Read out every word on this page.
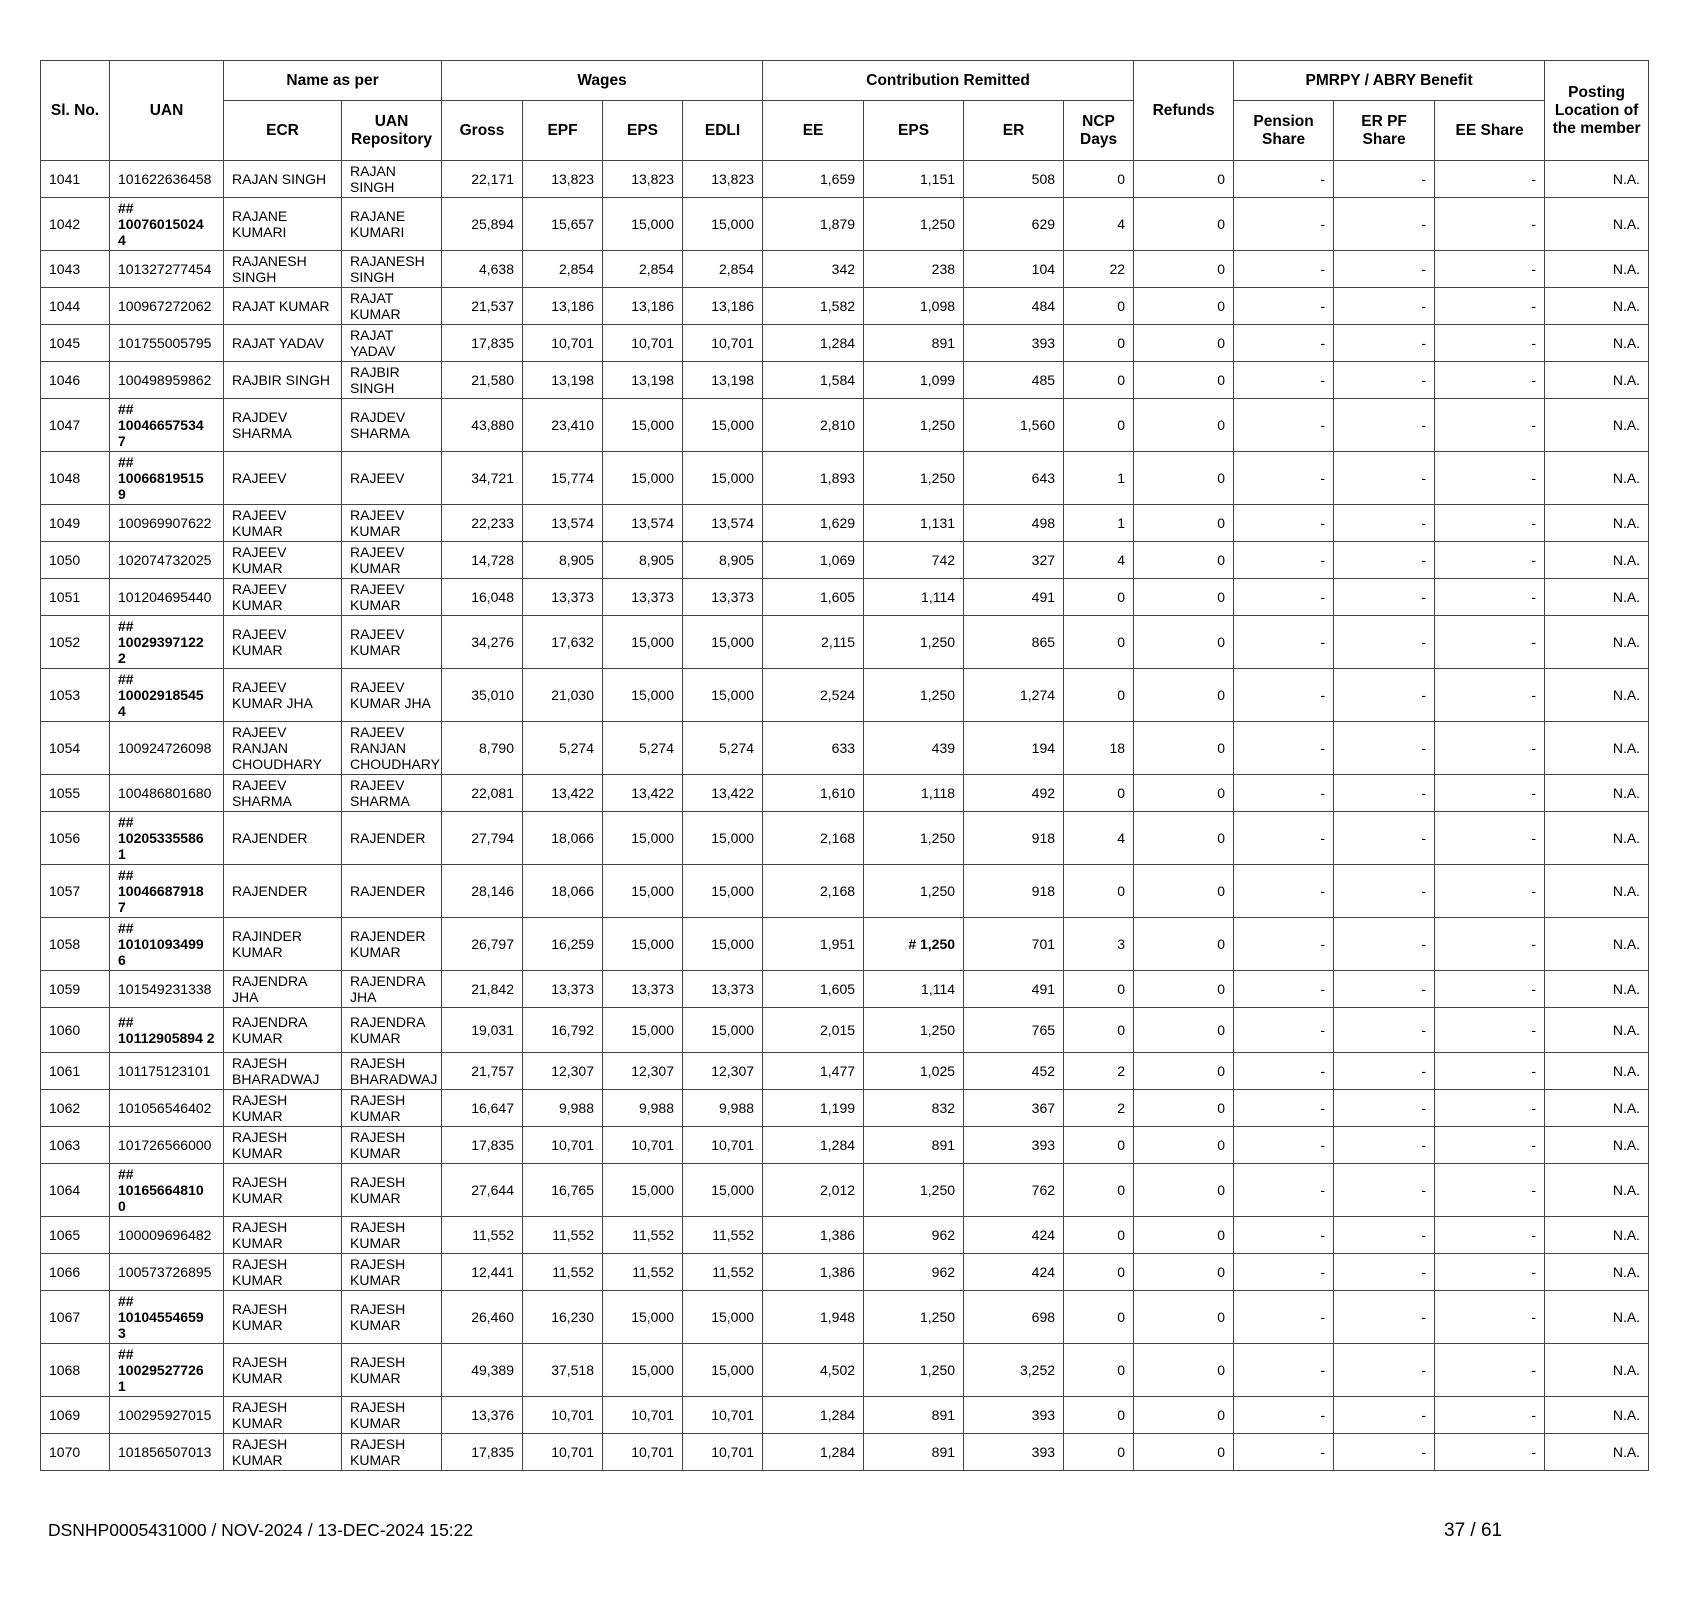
Sl. No.	UAN	Name as per		Wages				Contribution Remitted				Refunds	PMRPY / ABRY Benefit			Posting Location of the member
		ECR	UAN Repository	Gross	EPF	EPS	EDLI	EE	EPS	ER	NCP Days		Pension Share	ER PF Share	EE Share	
1041	101622636458	RAJAN SINGH	RAJAN SINGH	22,171	13,823	13,823	13,823	1,659	1,151	508	0	0	-	-	-	N.A.
1042	## 10076015024 4	RAJANE KUMARI	RAJANE KUMARI	25,894	15,657	15,000	15,000	1,879	1,250	629	4	0	-	-	-	N.A.
1043	101327277454	RAJANESH SINGH	RAJANESH SINGH	4,638	2,854	2,854	2,854	342	238	104	22	0	-	-	-	N.A.
1044	100967272062	RAJAT KUMAR	RAJAT KUMAR	21,537	13,186	13,186	13,186	1,582	1,098	484	0	0	-	-	-	N.A.
1045	101755005795	RAJAT YADAV	RAJAT YADAV	17,835	10,701	10,701	10,701	1,284	891	393	0	0	-	-	-	N.A.
1046	100498959862	RAJBIR SINGH	RAJBIR SINGH	21,580	13,198	13,198	13,198	1,584	1,099	485	0	0	-	-	-	N.A.
1047	## 10046657534 7	RAJDEV SHARMA	RAJDEV SHARMA	43,880	23,410	15,000	15,000	2,810	1,250	1,560	0	0	-	-	-	N.A.
1048	## 10066819515 9	RAJEEV	RAJEEV	34,721	15,774	15,000	15,000	1,893	1,250	643	1	0	-	-	-	N.A.
1049	100969907622	RAJEEV KUMAR	RAJEEV KUMAR	22,233	13,574	13,574	13,574	1,629	1,131	498	1	0	-	-	-	N.A.
1050	102074732025	RAJEEV KUMAR	RAJEEV KUMAR	14,728	8,905	8,905	8,905	1,069	742	327	4	0	-	-	-	N.A.
1051	101204695440	RAJEEV KUMAR	RAJEEV KUMAR	16,048	13,373	13,373	13,373	1,605	1,114	491	0	0	-	-	-	N.A.
1052	## 10029397122 2	RAJEEV KUMAR	RAJEEV KUMAR	34,276	17,632	15,000	15,000	2,115	1,250	865	0	0	-	-	-	N.A.
1053	## 10002918545 4	RAJEEV KUMAR JHA	RAJEEV KUMAR JHA	35,010	21,030	15,000	15,000	2,524	1,250	1,274	0	0	-	-	-	N.A.
1054	100924726098	RAJEEV RANJAN CHOUDHARY	RAJEEV RANJAN CHOUDHARY	8,790	5,274	5,274	5,274	633	439	194	18	0	-	-	-	N.A.
1055	100486801680	RAJEEV SHARMA	RAJEEV SHARMA	22,081	13,422	13,422	13,422	1,610	1,118	492	0	0	-	-	-	N.A.
1056	## 10205335586 1	RAJENDER	RAJENDER	27,794	18,066	15,000	15,000	2,168	1,250	918	4	0	-	-	-	N.A.
1057	## 10046687918 7	RAJENDER	RAJENDER	28,146	18,066	15,000	15,000	2,168	1,250	918	0	0	-	-	-	N.A.
1058	## 10101093499 6	RAJINDER KUMAR	RAJENDER KUMAR	26,797	16,259	15,000	15,000	1,951	# 1,250	701	3	0	-	-	-	N.A.
1059	101549231338	RAJENDRA JHA	RAJENDRA JHA	21,842	13,373	13,373	13,373	1,605	1,114	491	0	0	-	-	-	N.A.
1060	## 10112905894 2	RAJENDRA KUMAR	RAJENDRA KUMAR	19,031	16,792	15,000	15,000	2,015	1,250	765	0	0	-	-	-	N.A.
1061	101175123101	RAJESH BHARADWAJ	RAJESH BHARADWAJ	21,757	12,307	12,307	12,307	1,477	1,025	452	2	0	-	-	-	N.A.
1062	101056546402	RAJESH KUMAR	RAJESH KUMAR	16,647	9,988	9,988	9,988	1,199	832	367	2	0	-	-	-	N.A.
1063	101726566000	RAJESH KUMAR	RAJESH KUMAR	17,835	10,701	10,701	10,701	1,284	891	393	0	0	-	-	-	N.A.
1064	## 10165664810 0	RAJESH KUMAR	RAJESH KUMAR	27,644	16,765	15,000	15,000	2,012	1,250	762	0	0	-	-	-	N.A.
1065	100009696482	RAJESH KUMAR	RAJESH KUMAR	11,552	11,552	11,552	11,552	1,386	962	424	0	0	-	-	-	N.A.
1066	100573726895	RAJESH KUMAR	RAJESH KUMAR	12,441	11,552	11,552	11,552	1,386	962	424	0	0	-	-	-	N.A.
1067	## 10104554659 3	RAJESH KUMAR	RAJESH KUMAR	26,460	16,230	15,000	15,000	1,948	1,250	698	0	0	-	-	-	N.A.
1068	## 10029527726 1	RAJESH KUMAR	RAJESH KUMAR	49,389	37,518	15,000	15,000	4,502	1,250	3,252	0	0	-	-	-	N.A.
1069	100295927015	RAJESH KUMAR	RAJESH KUMAR	13,376	10,701	10,701	10,701	1,284	891	393	0	0	-	-	-	N.A.
1070	101856507013	RAJESH KUMAR	RAJESH KUMAR	17,835	10,701	10,701	10,701	1,284	891	393	0	0	-	-	-	N.A.
DSNHP0005431000 / NOV-2024 / 13-DEC-2024 15:22	37 / 61
